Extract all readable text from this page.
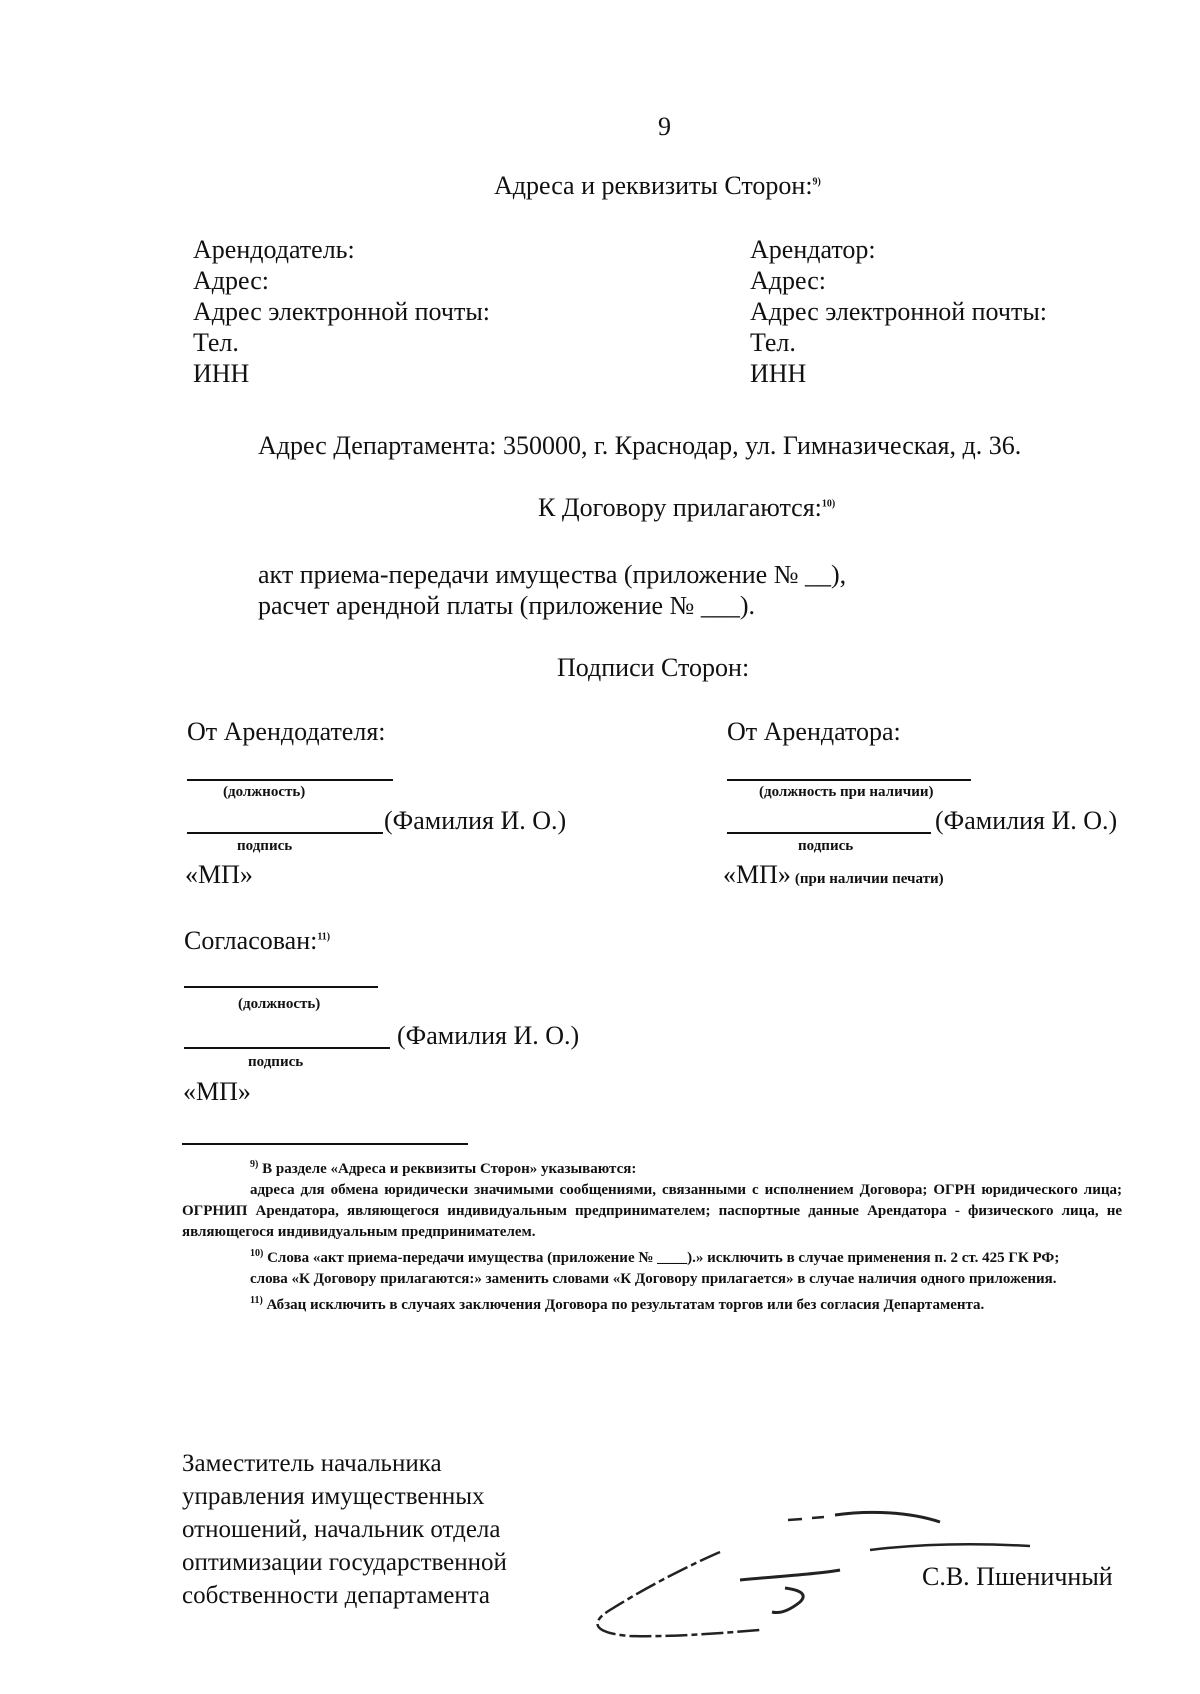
9
Адреса и реквизиты Сторон:$^{9)}$
Арендодатель:
Адрес:
Адрес электронной почты:
Тел.
ИНН
Арендатор:
Адрес:
Адрес электронной почты:
Тел.
ИНН
Адрес Департамента: 350000, г. Краснодар, ул. Гимназическая, д. 36.
К Договору прилагаются:$^{10)}$
акт приема-передачи имущества (приложение № __),
расчет арендной платы (приложение № ___).
Подписи Сторон:
От Арендодателя:
(должность)
(Фамилия И. О.)
подпись
«МП»
От Арендатора:
(должность при наличии)
(Фамилия И. О.)
подпись
«МП» (при наличии печати)
Согласован:$^{11)}$
(должность)
(Фамилия И. О.)
подпись
«МП»

$^{9)}$ В разделе «Адреса и реквизиты Сторон» указываются:

адреса для обмена юридически значимыми сообщениями, связанными с исполнением Договора; ОГРН юридического лица; ОГРНИП Арендатора, являющегося индивидуальным предпринимателем; паспортные данные Арендатора - физического лица, не являющегося индивидуальным предпринимателем.

$^{10)}$ Слова «акт приема-передачи имущества (приложение № ____).» исключить в случае применения п. 2 ст. 425 ГК РФ;

слова «К Договору прилагаются:» заменить словами «К Договору прилагается» в случае наличия одного приложения.

$^{11)}$ Абзац исключить в случаях заключения Договора по результатам торгов или без согласия Департамента.

Заместитель начальника
управления имущественных
отношений, начальник отдела
оптимизации государственной
собственности департамента
С.В. Пшеничный
